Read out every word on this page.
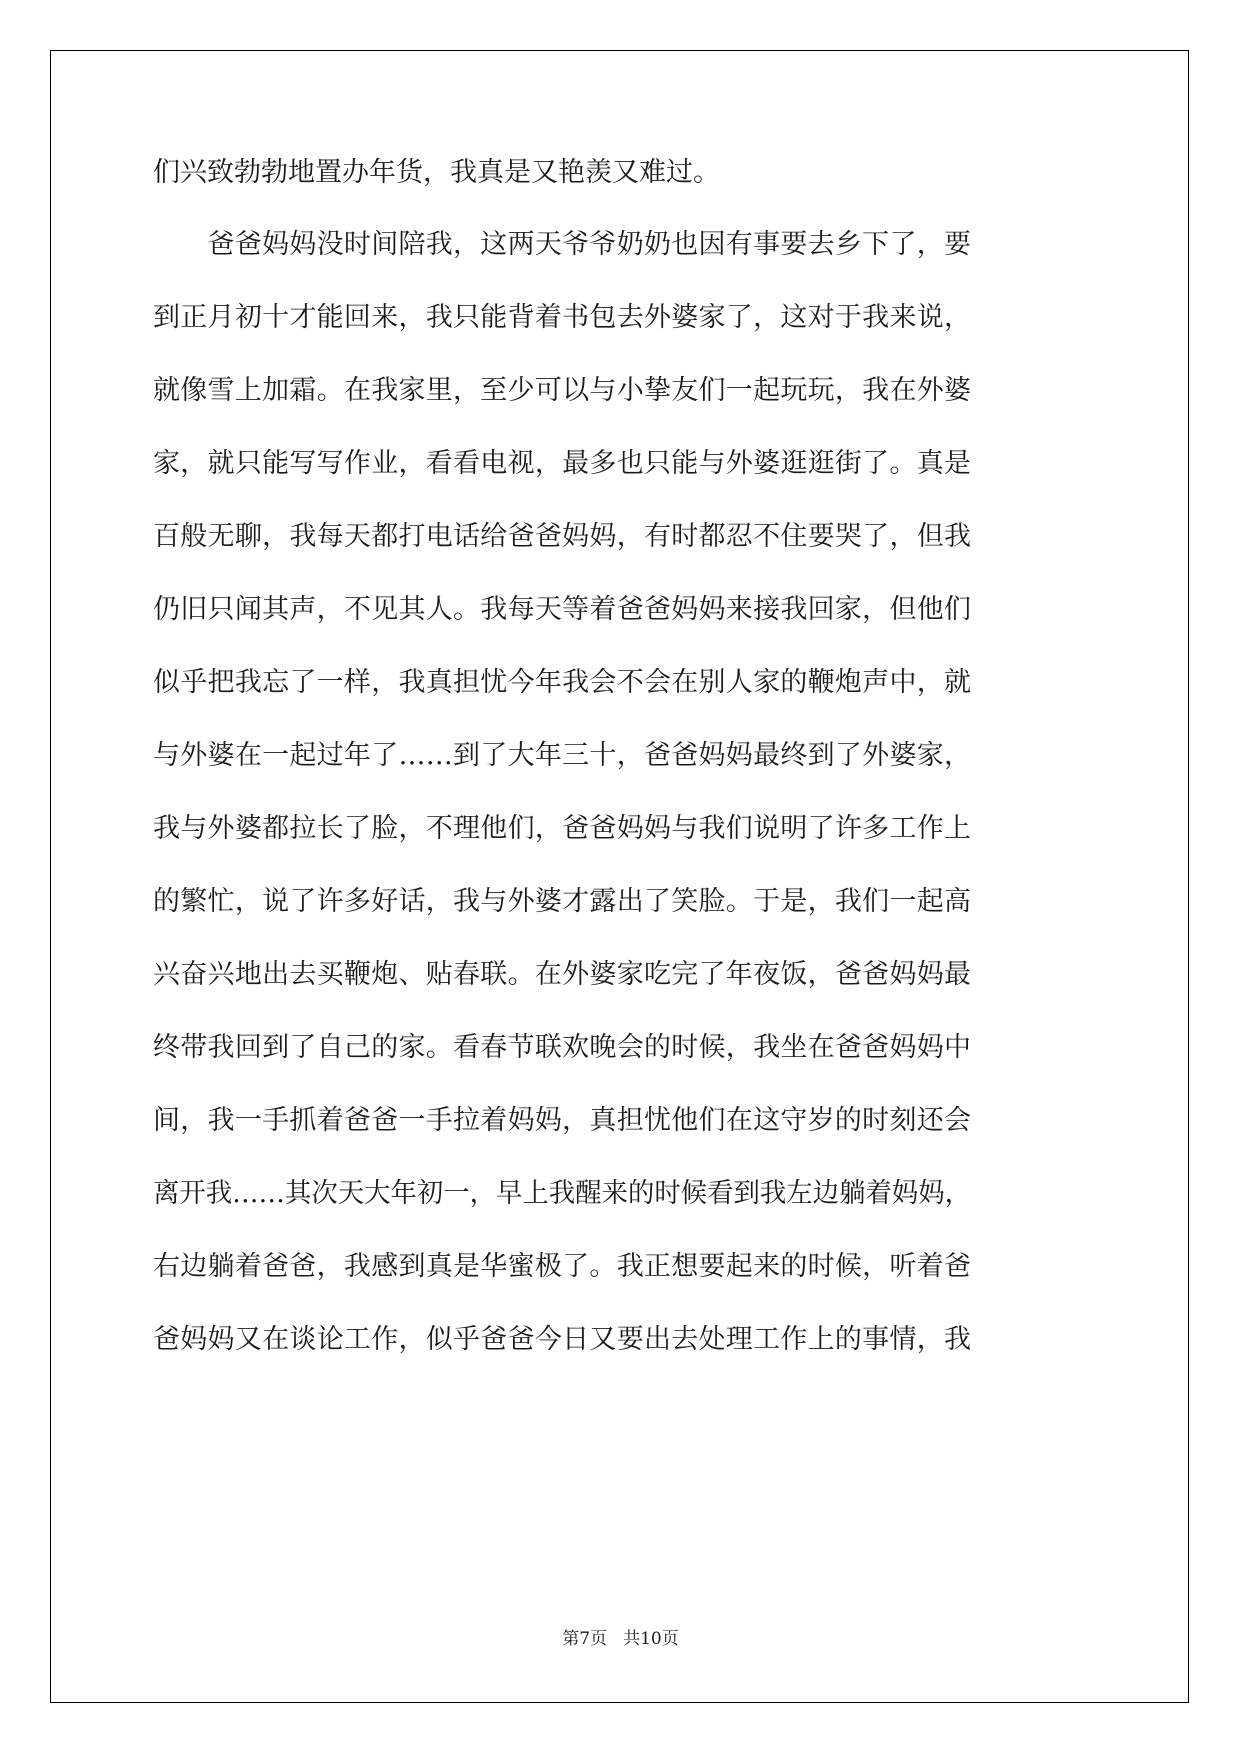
们兴致勃勃地置办年货，我真是又艳羡又难过。
　　爸爸妈妈没时间陪我，这两天爷爷奶奶也因有事要去乡下了，要
到正月初十才能回来，我只能背着书包去外婆家了，这对于我来说，
就像雪上加霜。在我家里，至少可以与小挚友们一起玩玩，我在外婆
家，就只能写写作业，看看电视，最多也只能与外婆逛逛街了。真是
百般无聊，我每天都打电话给爸爸妈妈，有时都忍不住要哭了，但我
仍旧只闻其声，不见其人。我每天等着爸爸妈妈来接我回家，但他们
似乎把我忘了一样，我真担忧今年我会不会在别人家的鞭炮声中，就
与外婆在一起过年了……到了大年三十，爸爸妈妈最终到了外婆家，
我与外婆都拉长了脸，不理他们，爸爸妈妈与我们说明了许多工作上
的繁忙，说了许多好话，我与外婆才露出了笑脸。于是，我们一起高
兴奋兴地出去买鞭炮、贴春联。在外婆家吃完了年夜饭，爸爸妈妈最
终带我回到了自己的家。看春节联欢晚会的时候，我坐在爸爸妈妈中
间，我一手抓着爸爸一手拉着妈妈，真担忧他们在这守岁的时刻还会
离开我……其次天大年初一，早上我醒来的时候看到我左边躺着妈妈，
右边躺着爸爸，我感到真是华蜜极了。我正想要起来的时候，听着爸
爸妈妈又在谈论工作，似乎爸爸今日又要出去处理工作上的事情，我
第7页 共10页
